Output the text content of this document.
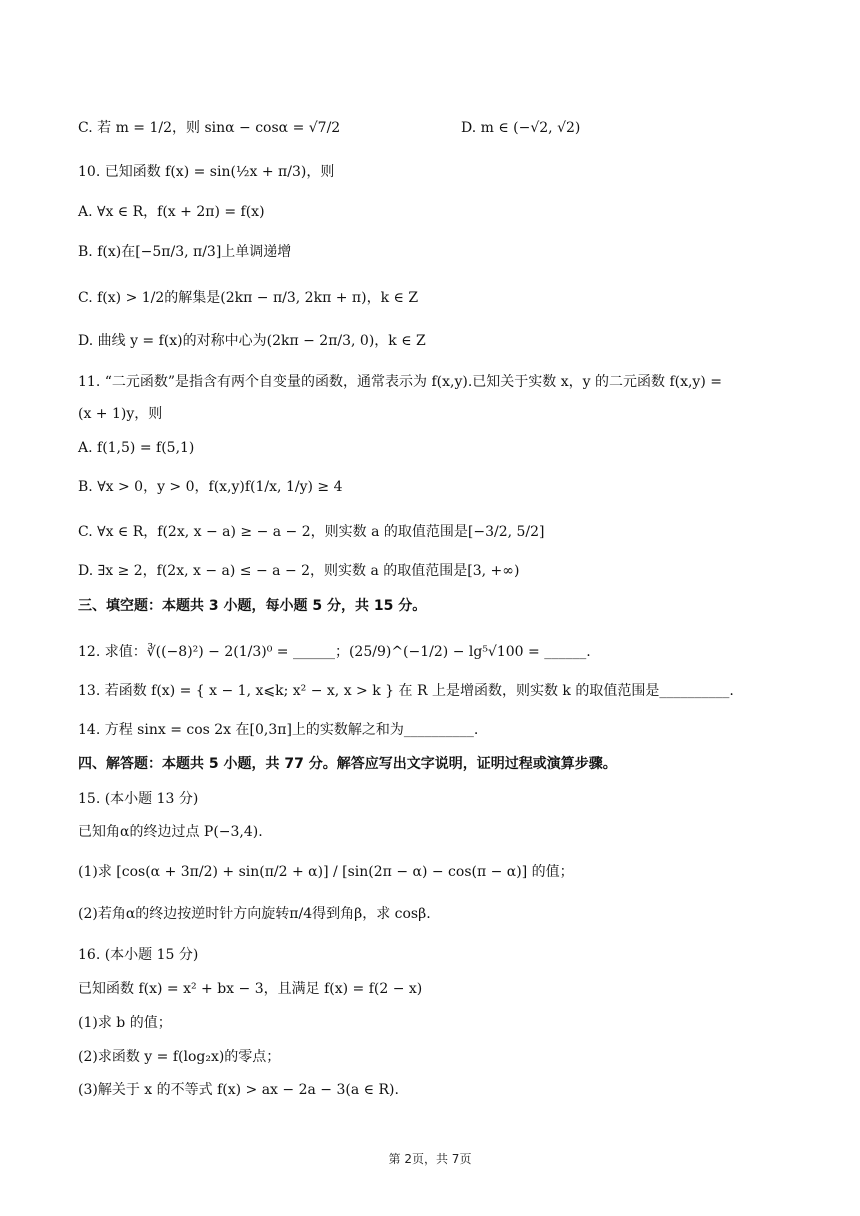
C. 若 m = 1/2，则 sinα − cosα = √7/2	D. m ∈ (−√2, √2)
10. 已知函数 f(x) = sin(½x + π/3)，则
A. ∀x ∈ R，f(x + 2π) = f(x)
B. f(x)在[−5π/3, π/3]上单调递增
C. f(x) > 1/2的解集是(2kπ − π/3, 2kπ + π)，k ∈ Z
D. 曲线 y = f(x)的对称中心为(2kπ − 2π/3, 0)，k ∈ Z
11. “二元函数”是指含有两个自变量的函数，通常表示为 f(x,y).已知关于实数 x，y 的二元函数 f(x,y) =
(x + 1)y，则
A. f(1,5) = f(5,1)
B. ∀x > 0，y > 0，f(x,y)f(1/x, 1/y) ≥ 4
C. ∀x ∈ R，f(2x, x − a) ≥ − a − 2，则实数 a 的取值范围是[−3/2, 5/2]
D. ∃x ≥ 2，f(2x, x − a) ≤ − a − 2，则实数 a 的取值范围是[3, +∞)
三、填空题：本题共 3 小题，每小题 5 分，共 15 分。
12. 求值：∛((−8)²) − 2(1/3)⁰ = ______；(25/9)^(−1/2) − lg⁵√100 = ______.
13. 若函数 f(x) = { x − 1, x⩽k; x² − x, x > k } 在 R 上是增函数，则实数 k 的取值范围是__________.
14. 方程 sinx = cos 2x 在[0,3π]上的实数解之和为__________.
四、解答题：本题共 5 小题，共 77 分。解答应写出文字说明，证明过程或演算步骤。
15. (本小题 13 分)
已知角α的终边过点 P(−3,4).
(1)求 [cos(α + 3π/2) + sin(π/2 + α)] / [sin(2π − α) − cos(π − α)] 的值；
(2)若角α的终边按逆时针方向旋转π/4得到角β，求 cosβ.
16. (本小题 15 分)
已知函数 f(x) = x² + bx − 3，且满足 f(x) = f(2 − x)
(1)求 b 的值；
(2)求函数 y = f(log₂x)的零点；
(3)解关于 x 的不等式 f(x) > ax − 2a − 3(a ∈ R).
第 2页，共 7页
